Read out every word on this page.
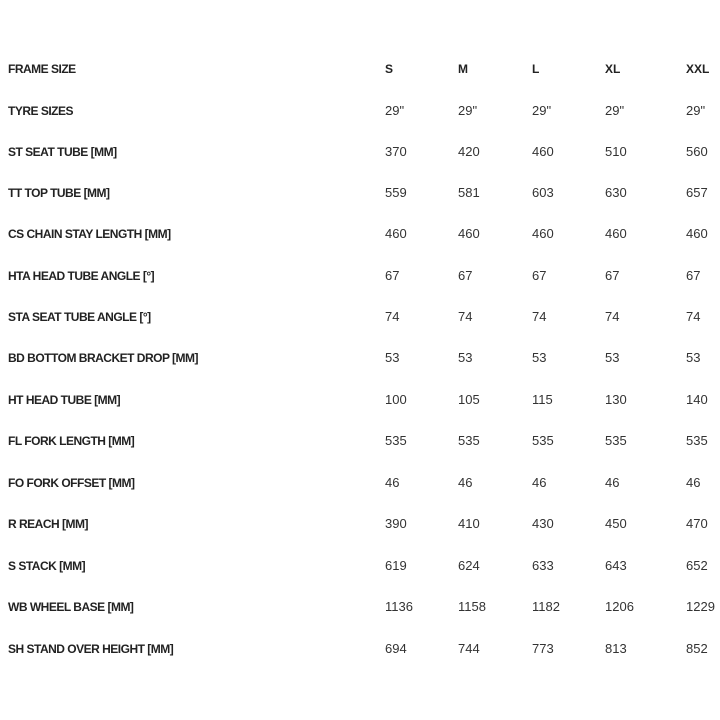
FRAME SIZE	S	M	L	XL	XXL
TYRE SIZES	29"	29"	29"	29"	29"
ST SEAT TUBE [MM]	370	420	460	510	560
TT TOP TUBE [MM]	559	581	603	630	657
CS CHAIN STAY LENGTH [MM]	460	460	460	460	460
HTA HEAD TUBE ANGLE [°]	67	67	67	67	67
STA SEAT TUBE ANGLE [°]	74	74	74	74	74
BD BOTTOM BRACKET DROP [MM]	53	53	53	53	53
HT HEAD TUBE [MM]	100	105	115	130	140
FL FORK LENGTH [MM]	535	535	535	535	535
FO FORK OFFSET [MM]	46	46	46	46	46
R REACH [MM]	390	410	430	450	470
S STACK [MM]	619	624	633	643	652
WB WHEEL BASE [MM]	1136	1158	1182	1206	1229
SH STAND OVER HEIGHT [MM]	694	744	773	813	852
